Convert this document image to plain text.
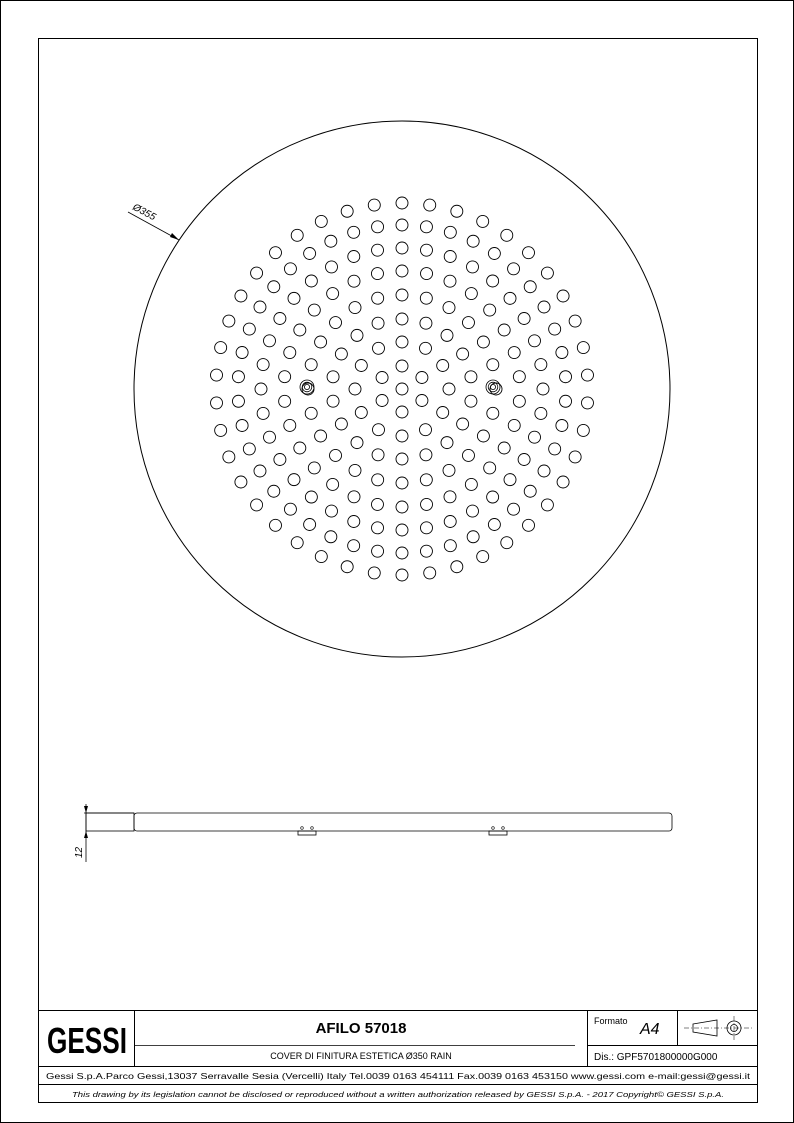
Ø355
12
GESSI	AFILO 57018
COVER DI FINITURA ESTETICA Ø350 RAIN
Formato A4
Dis.: GPF5701800000G000
Gessi S.p.A.Parco Gessi,13037 Serravalle Sesia (Vercelli) Italy Tel.0039 0163 454111 Fax.0039 0163 453150 www.gessi.com e-mail:gessi@gessi.it
This drawing by its legislation cannot be disclosed or reproduced without a written authorization released by GESSI S.p.A. - 2017 Copyright© GESSI S.p.A.
